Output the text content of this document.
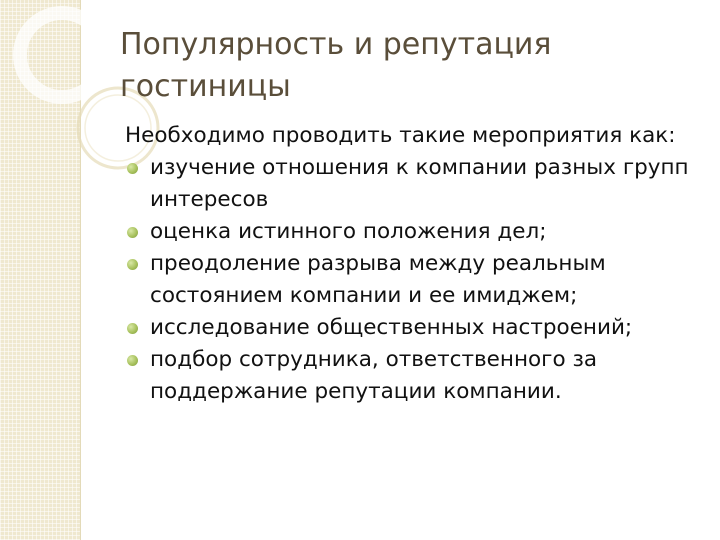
Популярность и репутация гостиницы

Необходимо проводить такие мероприятия как:

изучение отношения к компании разных групп интересов
оценка истинного положения дел;
преодоление разрыва между реальным состоянием компании и ее имиджем;
исследование общественных настроений;
подбор сотрудника, ответственного за поддержание репутации компании.
